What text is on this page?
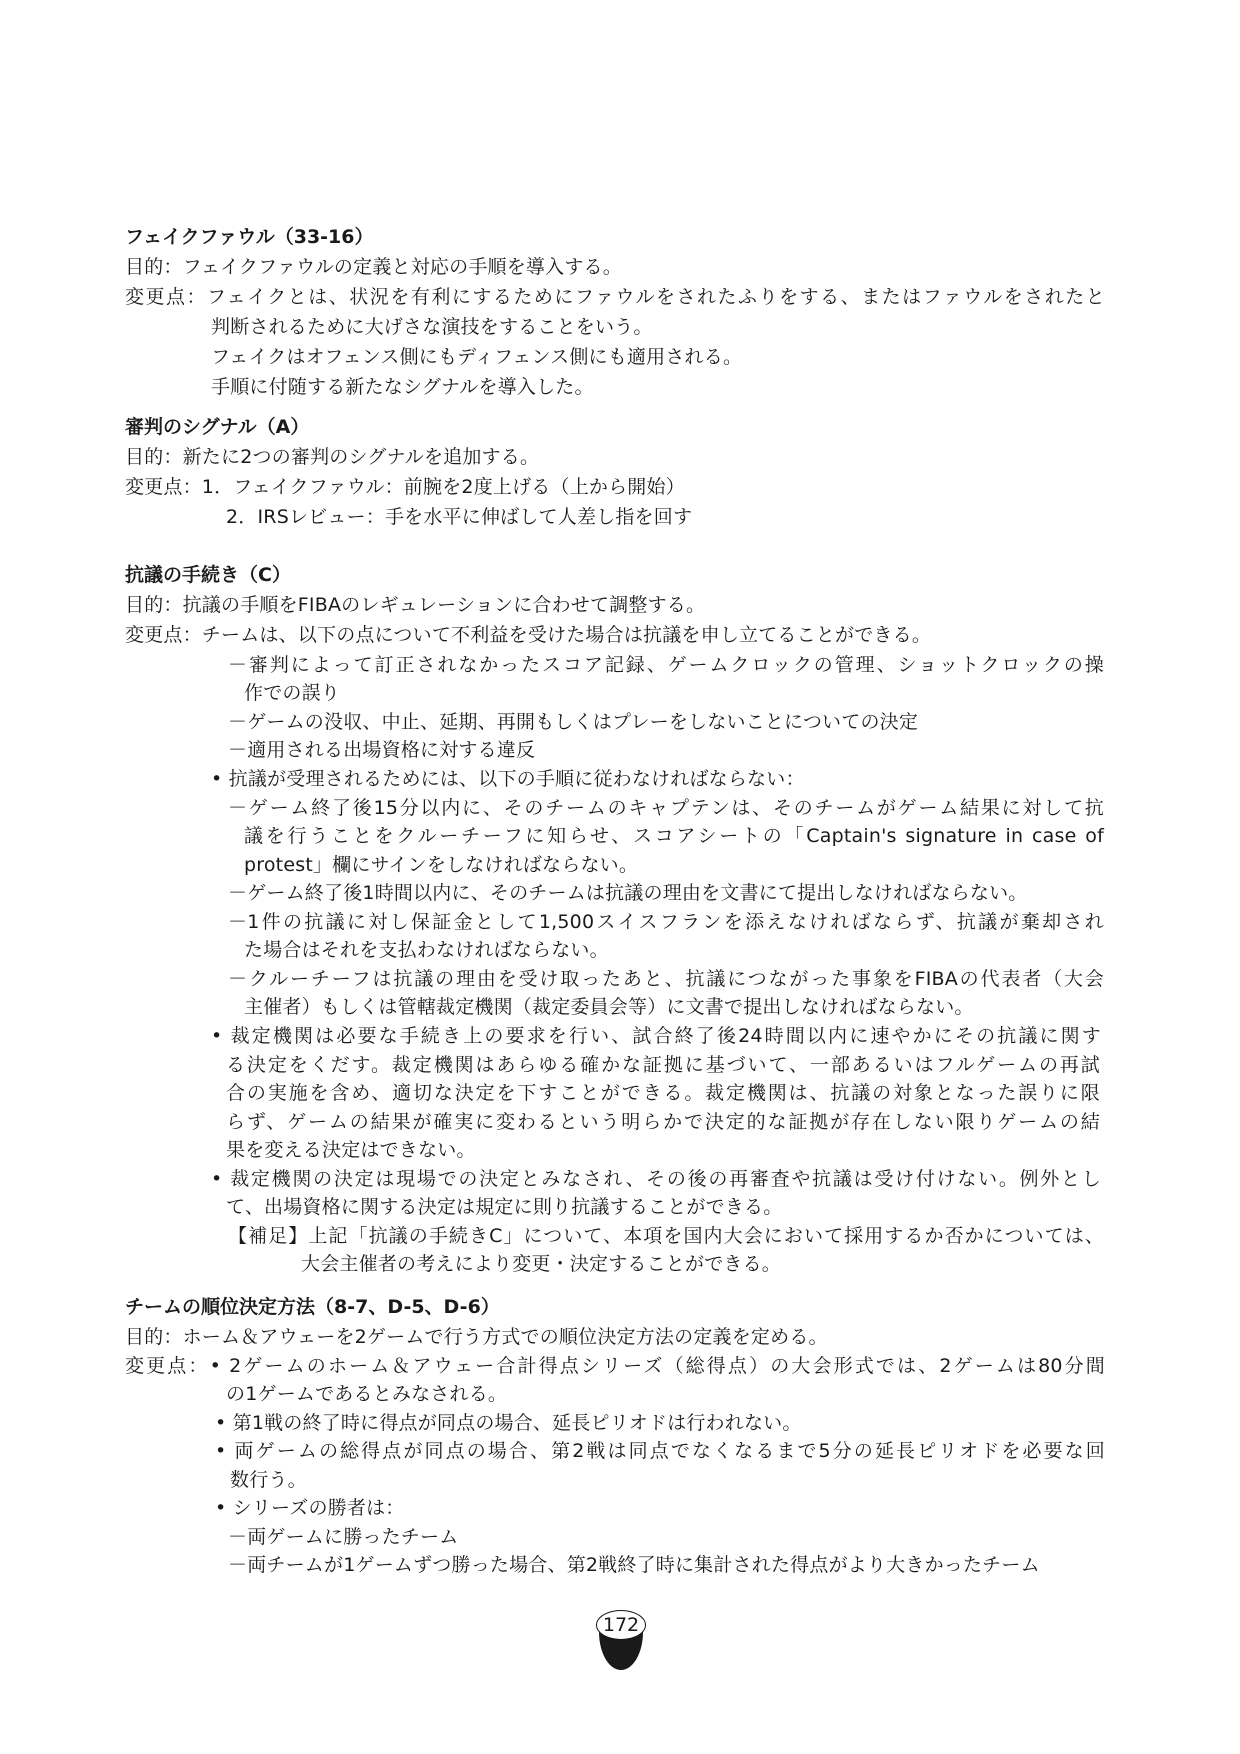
フェイクファウル（33-16）
目的：フェイクファウルの定義と対応の手順を導入する。
変更点：フェイクとは、状況を有利にするためにファウルをされたふりをする、またはファウルをされたと
判断されるために大げさな演技をすることをいう。
フェイクはオフェンス側にもディフェンス側にも適用される。
手順に付随する新たなシグナルを導入した。
審判のシグナル（A）
目的：新たに2つの審判のシグナルを追加する。
変更点：1．フェイクファウル：前腕を2度上げる（上から開始）
2．IRSレビュー：手を水平に伸ばして人差し指を回す
抗議の手続き（C）
目的：抗議の手順をFIBAのレギュレーションに合わせて調整する。
変更点：チームは、以下の点について不利益を受けた場合は抗議を申し立てることができる。
－審判によって訂正されなかったスコア記録、ゲームクロックの管理、ショットクロックの操
作での誤り
－ゲームの没収、中止、延期、再開もしくはプレーをしないことについての決定
－適用される出場資格に対する違反
• 抗議が受理されるためには、以下の手順に従わなければならない：
－ゲーム終了後15分以内に、そのチームのキャプテンは、そのチームがゲーム結果に対して抗
議を行うことをクルーチーフに知らせ、スコアシートの「Captain's signature in case of
protest」欄にサインをしなければならない。
－ゲーム終了後1時間以内に、そのチームは抗議の理由を文書にて提出しなければならない。
－1件の抗議に対し保証金として1,500スイスフランを添えなければならず、抗議が棄却され
た場合はそれを支払わなければならない。
－クルーチーフは抗議の理由を受け取ったあと、抗議につながった事象をFIBAの代表者（大会
主催者）もしくは管轄裁定機関（裁定委員会等）に文書で提出しなければならない。
• 裁定機関は必要な手続き上の要求を行い、試合終了後24時間以内に速やかにその抗議に関す
る決定をくだす。裁定機関はあらゆる確かな証拠に基づいて、一部あるいはフルゲームの再試
合の実施を含め、適切な決定を下すことができる。裁定機関は、抗議の対象となった誤りに限
らず、ゲームの結果が確実に変わるという明らかで決定的な証拠が存在しない限りゲームの結
果を変える決定はできない。
• 裁定機関の決定は現場での決定とみなされ、その後の再審査や抗議は受け付けない。例外とし
て、出場資格に関する決定は規定に則り抗議することができる。
【補足】上記「抗議の手続きC」について、本項を国内大会において採用するか否かについては、
大会主催者の考えにより変更・決定することができる。
チームの順位決定方法（8-7、D-5、D-6）
目的：ホーム＆アウェーを2ゲームで行う方式での順位決定方法の定義を定める。
変更点：• 2ゲームのホーム＆アウェー合計得点シリーズ（総得点）の大会形式では、2ゲームは80分間
の1ゲームであるとみなされる。
• 第1戦の終了時に得点が同点の場合、延長ピリオドは行われない。
• 両ゲームの総得点が同点の場合、第2戦は同点でなくなるまで5分の延長ピリオドを必要な回
数行う。
• シリーズの勝者は：
－両ゲームに勝ったチーム
－両チームが1ゲームずつ勝った場合、第2戦終了時に集計された得点がより大きかったチーム
172
